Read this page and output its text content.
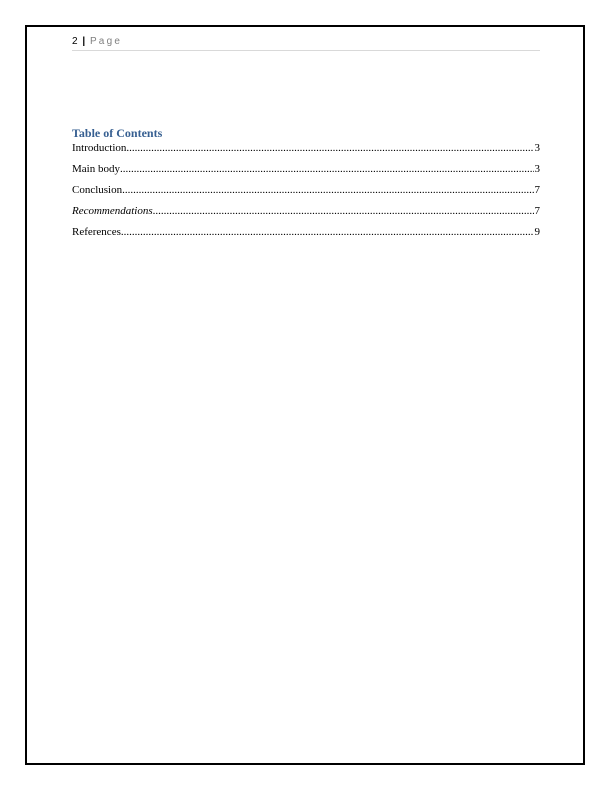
2 | Page
Table of Contents
Introduction .....	3
Main body .....	3
Conclusion .....	7
Recommendations .....	7
References .....	9
